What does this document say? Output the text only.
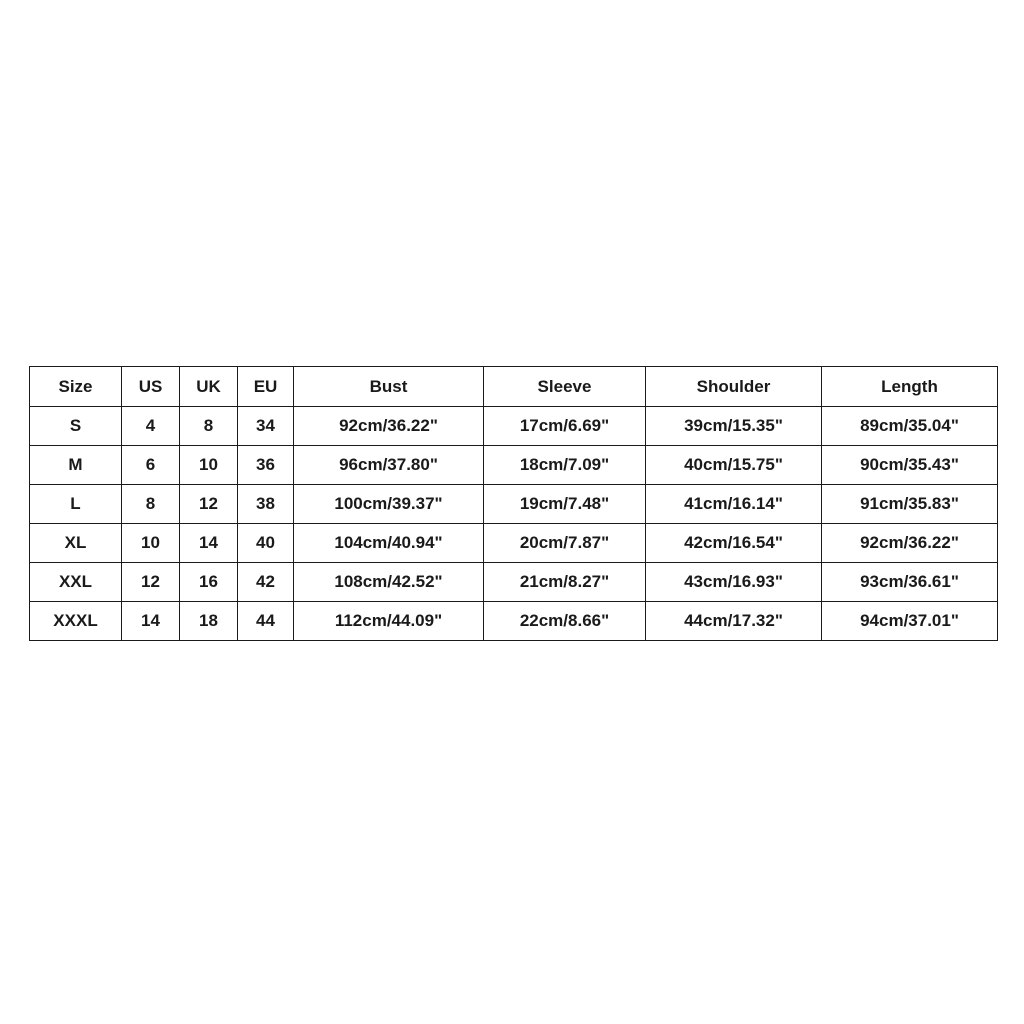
Size	US	UK	EU	Bust	Sleeve	Shoulder	Length
S	4	8	34	92cm/36.22"	17cm/6.69"	39cm/15.35"	89cm/35.04"
M	6	10	36	96cm/37.80"	18cm/7.09"	40cm/15.75"	90cm/35.43"
L	8	12	38	100cm/39.37"	19cm/7.48"	41cm/16.14"	91cm/35.83"
XL	10	14	40	104cm/40.94"	20cm/7.87"	42cm/16.54"	92cm/36.22"
XXL	12	16	42	108cm/42.52"	21cm/8.27"	43cm/16.93"	93cm/36.61"
XXXL	14	18	44	112cm/44.09"	22cm/8.66"	44cm/17.32"	94cm/37.01"
